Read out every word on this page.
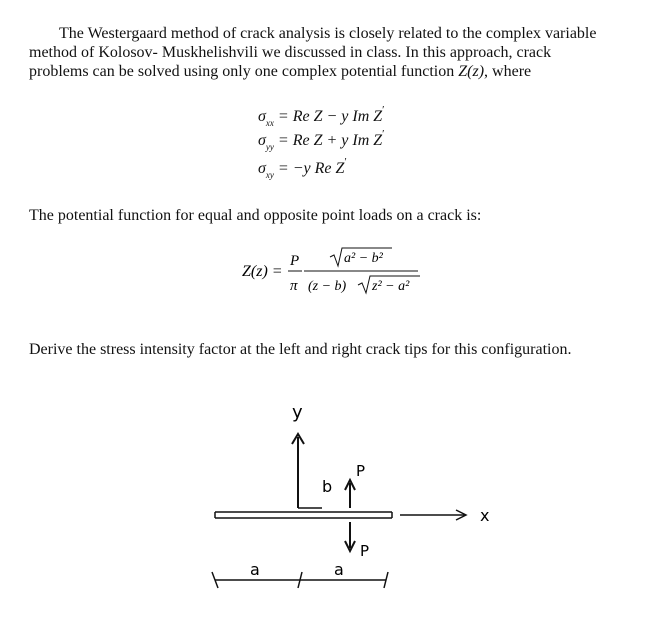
The Westergaard method of crack analysis is closely related to the complex variable
method of Kolosov- Muskhelishvili we discussed in class. In this approach, crack
problems can be solved using only one complex potential function Z(z), where
$\sigma_{xx} = Re$ Z − y Im Z′
$\sigma_{yy} = Re$ Z + y Im Z′
$\sigma_{xy} = -y$ Re Z′
The potential function for equal and opposite point loads on a crack is:
Z(z) =
P
π
a² − b²
(z − b) z² − a²
Derive the stress intensity factor at the left and right crack tips for this configuration.
y
b
x
P
P
a	a
